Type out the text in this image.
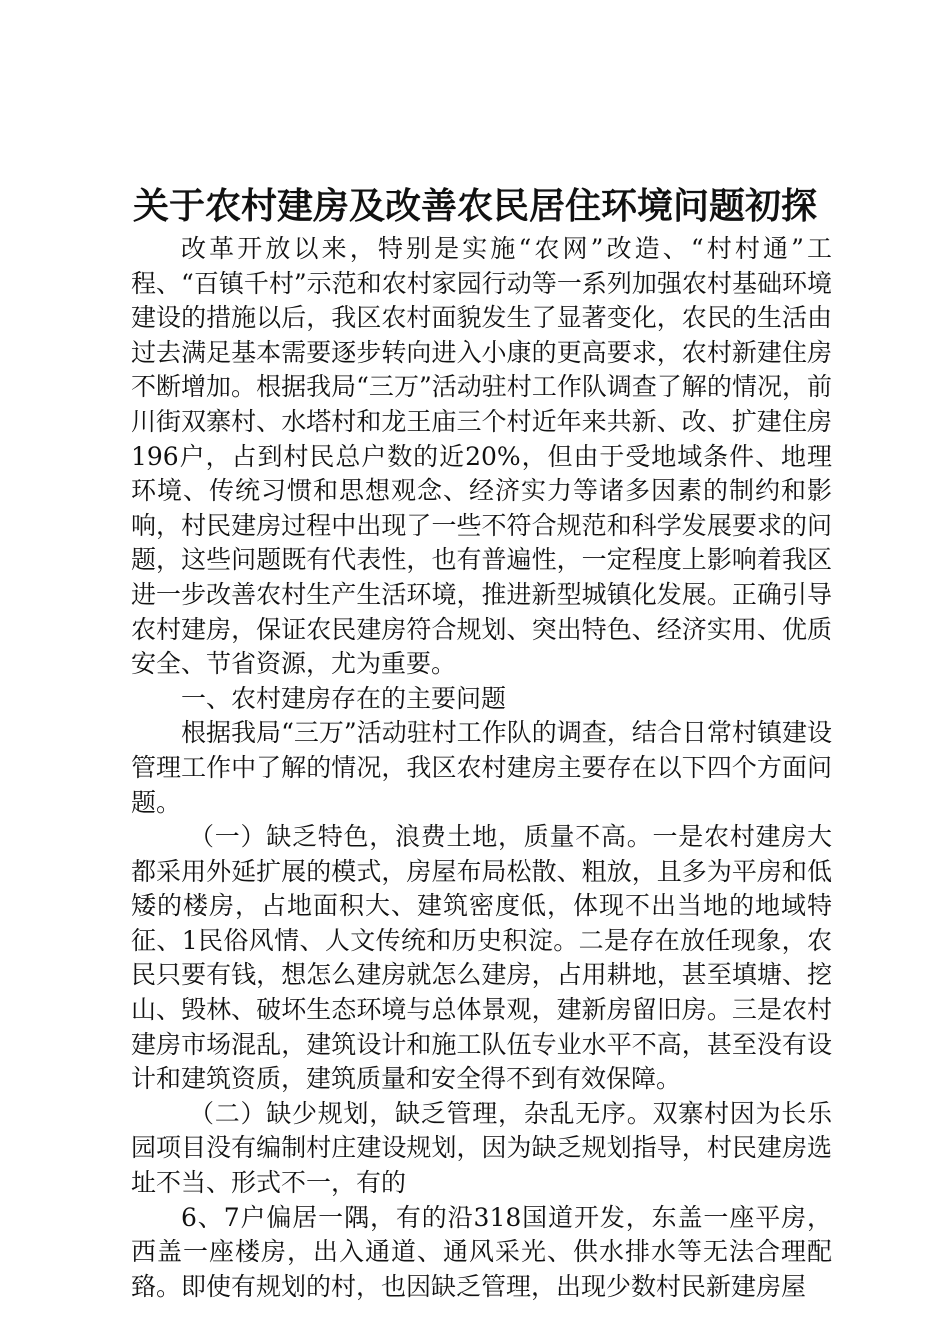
关于农村建房及改善农民居住环境问题初探

改革开放以来，特别是实施“农网”改造、“村村通”工程、“百镇千村”示范和农村家园行动等一系列加强农村基础环境建设的措施以后，我区农村面貌发生了显著变化，农民的生活由过去满足基本需要逐步转向进入小康的更高要求，农村新建住房不断增加。根据我局“三万”活动驻村工作队调查了解的情况，前川街双寨村、水塔村和龙王庙三个村近年来共新、改、扩建住房196户，占到村民总户数的近20%，但由于受地域条件、地理环境、传统习惯和思想观念、经济实力等诸多因素的制约和影响，村民建房过程中出现了一些不符合规范和科学发展要求的问题，这些问题既有代表性，也有普遍性，一定程度上影响着我区进一步改善农村生产生活环境，推进新型城镇化发展。正确引导农村建房，保证农民建房符合规划、突出特色、经济实用、优质安全、节省资源，尤为重要。

一、农村建房存在的主要问题

根据我局“三万”活动驻村工作队的调查，结合日常村镇建设管理工作中了解的情况，我区农村建房主要存在以下四个方面问题。

（一）缺乏特色，浪费土地，质量不高。一是农村建房大都采用外延扩展的模式，房屋布局松散、粗放，且多为平房和低矮的楼房，占地面积大、建筑密度低，体现不出当地的地域特征、1民俗风情、人文传统和历史积淀。二是存在放任现象，农民只要有钱，想怎么建房就怎么建房，占用耕地，甚至填塘、挖山、毁林、破坏生态环境与总体景观，建新房留旧房。三是农村建房市场混乱，建筑设计和施工队伍专业水平不高，甚至没有设计和建筑资质，建筑质量和安全得不到有效保障。

（二）缺少规划，缺乏管理，杂乱无序。双寨村因为长乐园项目没有编制村庄建设规划，因为缺乏规划指导，村民建房选址不当、形式不一，有的

6、7户偏居一隅，有的沿318国道开发，东盖一座平房，西盖一座楼房，出入通道、通风采光、供水排水等无法合理配臵。即使有规划的村，也因缺乏管理，出现少数村民新建房屋
